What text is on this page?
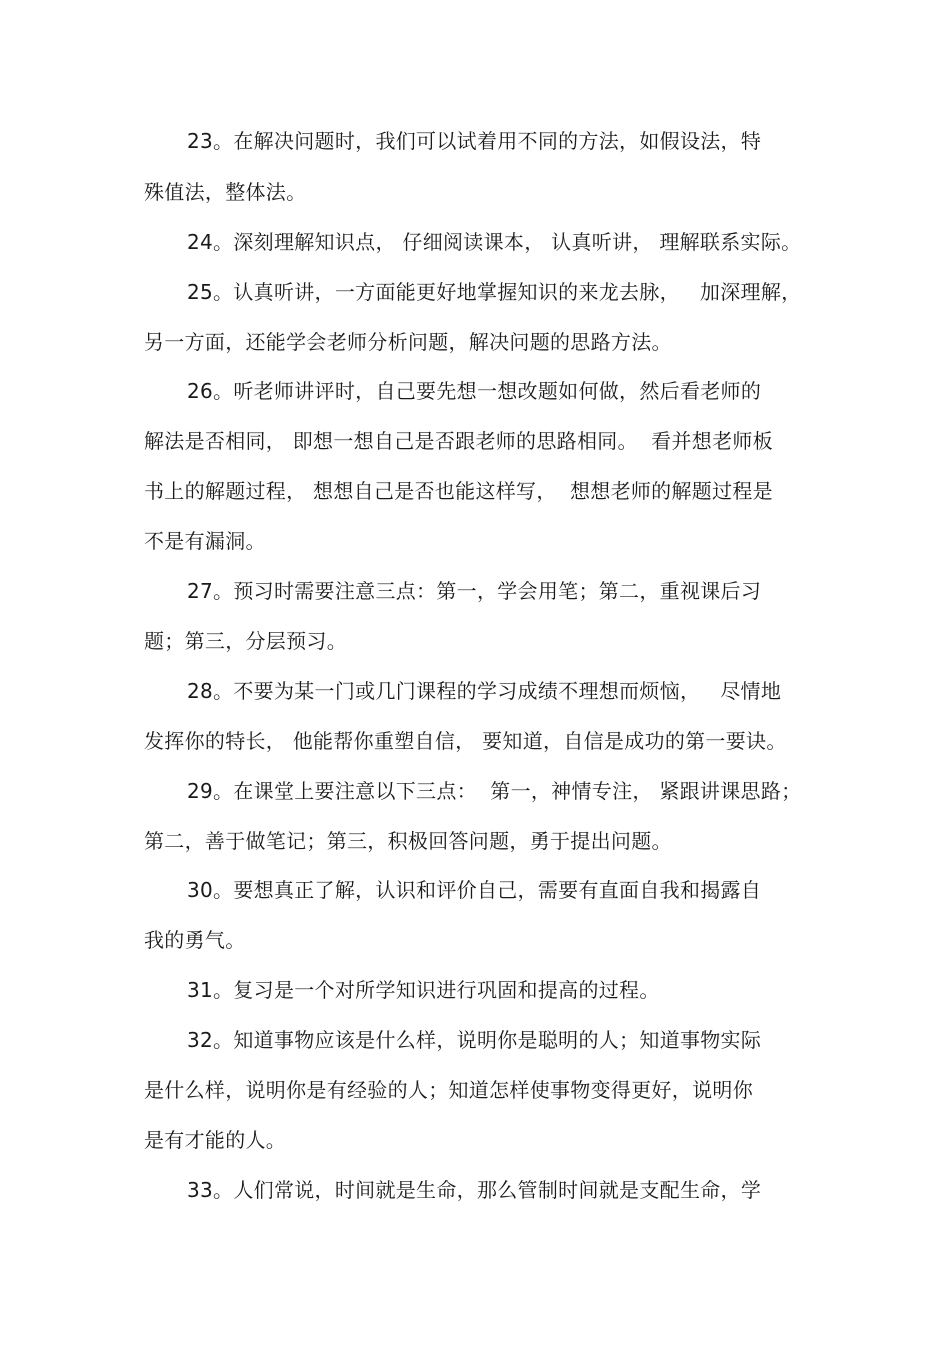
23。在解决问题时，我们可以试着用不同的方法，如假设法，特
殊值法，整体法。
24。深刻理解知识点， 仔细阅读课本， 认真听讲， 理解联系实际。
25。认真听讲，一方面能更好地掌握知识的来龙去脉，   加深理解，
另一方面，还能学会老师分析问题，解决问题的思路方法。
26。听老师讲评时，自己要先想一想改题如何做，然后看老师的
解法是否相同， 即想一想自己是否跟老师的思路相同。  看并想老师板
书上的解题过程， 想想自己是否也能这样写，  想想老师的解题过程是
不是有漏洞。
27。预习时需要注意三点：第一，学会用笔；第二，重视课后习
题；第三，分层预习。
28。不要为某一门或几门课程的学习成绩不理想而烦恼，   尽情地
发挥你的特长， 他能帮你重塑自信， 要知道，自信是成功的第一要诀。
29。在课堂上要注意以下三点：  第一，神情专注， 紧跟讲课思路；
第二，善于做笔记；第三，积极回答问题，勇于提出问题。
30。要想真正了解，认识和评价自己，需要有直面自我和揭露自
我的勇气。
31。复习是一个对所学知识进行巩固和提高的过程。
32。知道事物应该是什么样，说明你是聪明的人；知道事物实际
是什么样，说明你是有经验的人；知道怎样使事物变得更好，说明你
是有才能的人。
33。人们常说，时间就是生命，那么管制时间就是支配生命，学
